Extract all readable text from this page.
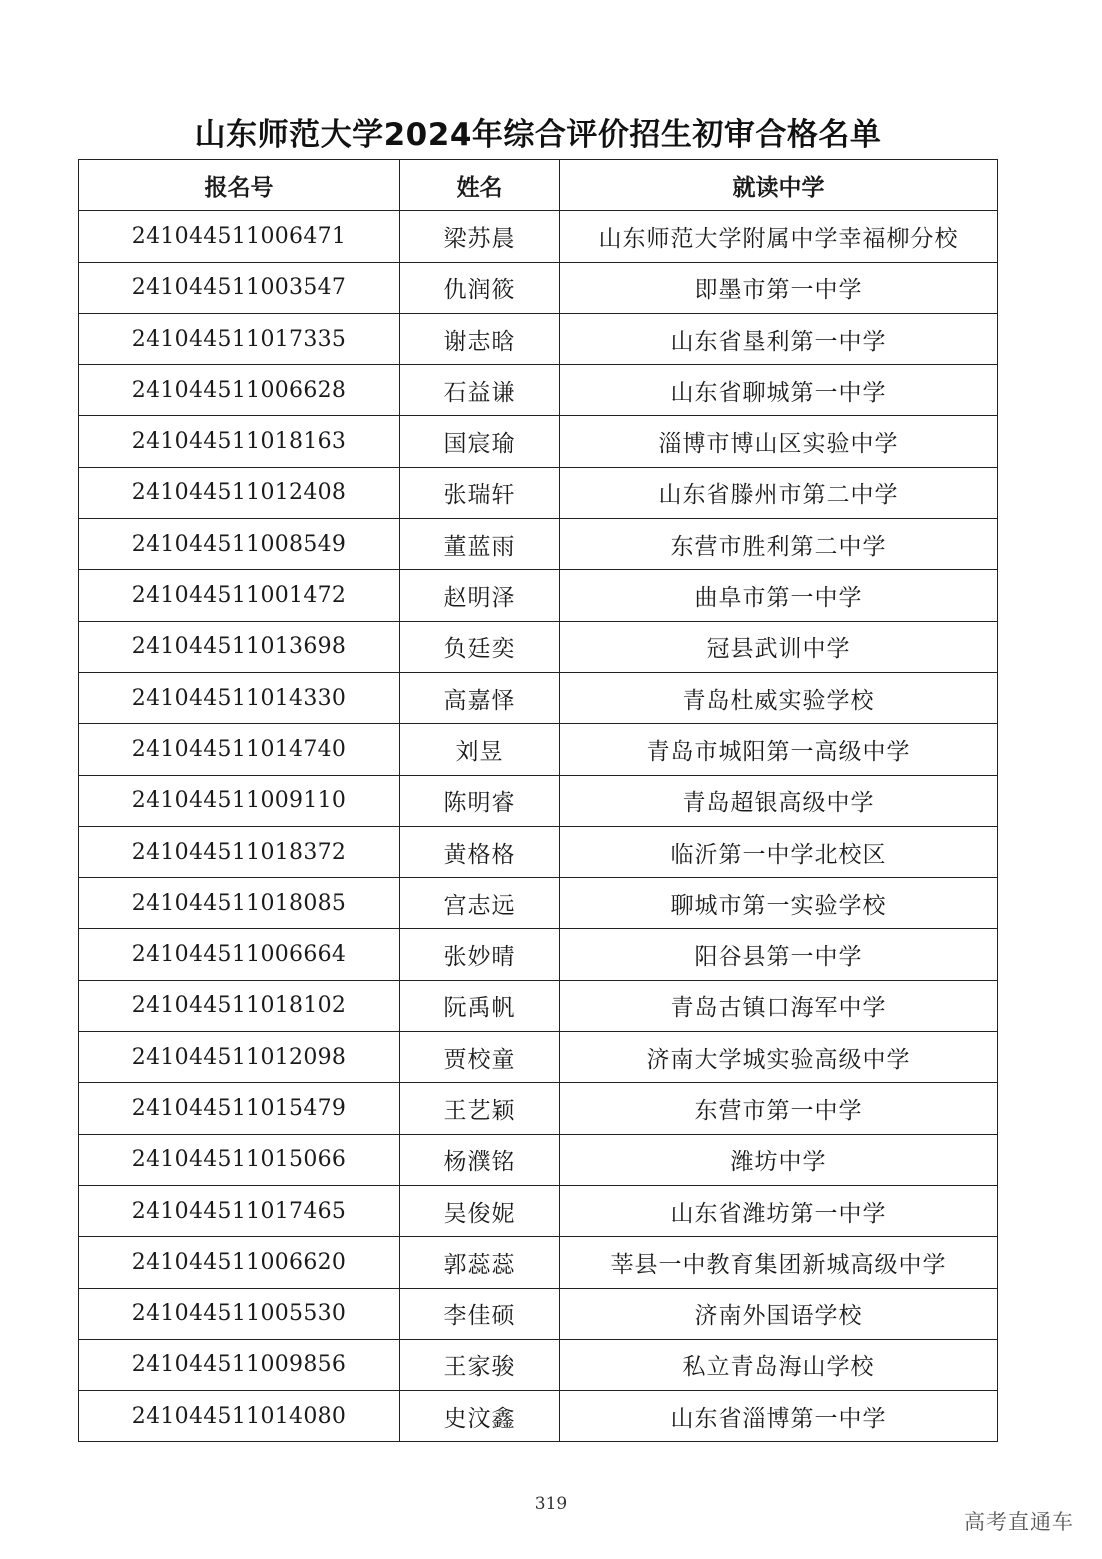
山东师范大学2024年综合评价招生初审合格名单
报名号	姓名	就读中学
241044511006471	梁苏晨	山东师范大学附属中学幸福柳分校
241044511003547	仇润筱	即墨市第一中学
241044511017335	谢志晗	山东省垦利第一中学
241044511006628	石益谦	山东省聊城第一中学
241044511018163	国宸瑜	淄博市博山区实验中学
241044511012408	张瑞轩	山东省滕州市第二中学
241044511008549	董蓝雨	东营市胜利第二中学
241044511001472	赵明泽	曲阜市第一中学
241044511013698	负廷奕	冠县武训中学
241044511014330	高嘉怿	青岛杜威实验学校
241044511014740	刘昱	青岛市城阳第一高级中学
241044511009110	陈明睿	青岛超银高级中学
241044511018372	黄格格	临沂第一中学北校区
241044511018085	宫志远	聊城市第一实验学校
241044511006664	张妙晴	阳谷县第一中学
241044511018102	阮禹帆	青岛古镇口海军中学
241044511012098	贾校童	济南大学城实验高级中学
241044511015479	王艺颖	东营市第一中学
241044511015066	杨濮铭	潍坊中学
241044511017465	吴俊妮	山东省潍坊第一中学
241044511006620	郭蕊蕊	莘县一中教育集团新城高级中学
241044511005530	李佳硕	济南外国语学校
241044511009856	王家骏	私立青岛海山学校
241044511014080	史汶鑫	山东省淄博第一中学
319
高考直通车
